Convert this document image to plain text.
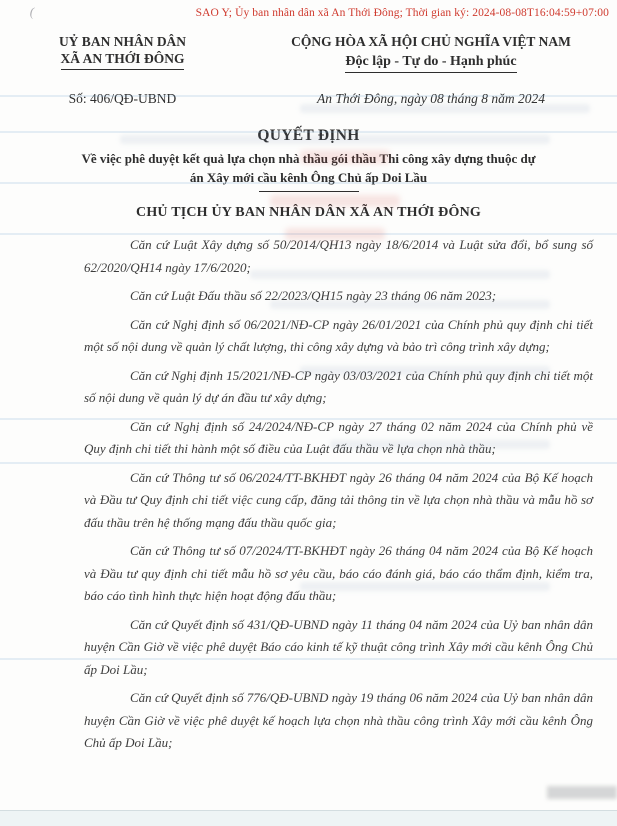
(	SAO Y; Ủy ban nhân dân xã An Thới Đông; Thời gian ký: 2024-08-08T16:04:59+07:00
UỶ BAN NHÂN DÂN
XÃ AN THỚI ĐÔNG
CỘNG HÒA XÃ HỘI CHỦ NGHĨA VIỆT NAM
Độc lập - Tự do - Hạnh phúc
Số: 406/QĐ-UBND	An Thới Đông, ngày 08 tháng 8 năm 2024
QUYẾT ĐỊNH
Về việc phê duyệt kết quả lựa chọn nhà thầu gói thầu Thi công xây dựng thuộc dự án Xây mới cầu kênh Ông Chủ ấp Doi Lầu
CHỦ TỊCH ỦY BAN NHÂN DÂN XÃ AN THỚI ĐÔNG

Căn cứ Luật Xây dựng số 50/2014/QH13 ngày 18/6/2014 và Luật sửa đổi, bổ sung số 62/2020/QH14 ngày 17/6/2020;

Căn cứ Luật Đấu thầu số 22/2023/QH15 ngày 23 tháng 06 năm 2023;

Căn cứ Nghị định số 06/2021/NĐ-CP ngày 26/01/2021 của Chính phủ quy định chi tiết một số nội dung về quản lý chất lượng, thi công xây dựng và bảo trì công trình xây dựng;

Căn cứ Nghị định 15/2021/NĐ-CP ngày 03/03/2021 của Chính phủ quy định chi tiết một số nội dung về quản lý dự án đầu tư xây dựng;

Căn cứ Nghị định số 24/2024/NĐ-CP ngày 27 tháng 02 năm 2024 của Chính phủ về Quy định chi tiết thi hành một số điều của Luật đấu thầu về lựa chọn nhà thầu;

Căn cứ Thông tư số 06/2024/TT-BKHĐT ngày 26 tháng 04 năm 2024 của Bộ Kế hoạch và Đầu tư Quy định chi tiết việc cung cấp, đăng tải thông tin về lựa chọn nhà thầu và mẫu hồ sơ đấu thầu trên hệ thống mạng đấu thầu quốc gia;

Căn cứ Thông tư số 07/2024/TT-BKHĐT ngày 26 tháng 04 năm 2024 của Bộ Kế hoạch và Đầu tư quy định chi tiết mẫu hồ sơ yêu cầu, báo cáo đánh giá, báo cáo thẩm định, kiểm tra, báo cáo tình hình thực hiện hoạt động đấu thầu;

Căn cứ Quyết định số 431/QĐ-UBND ngày 11 tháng 04 năm 2024 của Uỷ ban nhân dân huyện Cần Giờ về việc phê duyệt Báo cáo kinh tế kỹ thuật công trình Xây mới cầu kênh Ông Chủ ấp Doi Lầu;

Căn cứ Quyết định số 776/QĐ-UBND ngày 19 tháng 06 năm 2024 của Uỷ ban nhân dân huyện Cần Giờ về việc phê duyệt kế hoạch lựa chọn nhà thầu công trình Xây mới cầu kênh Ông Chủ ấp Doi Lầu;
